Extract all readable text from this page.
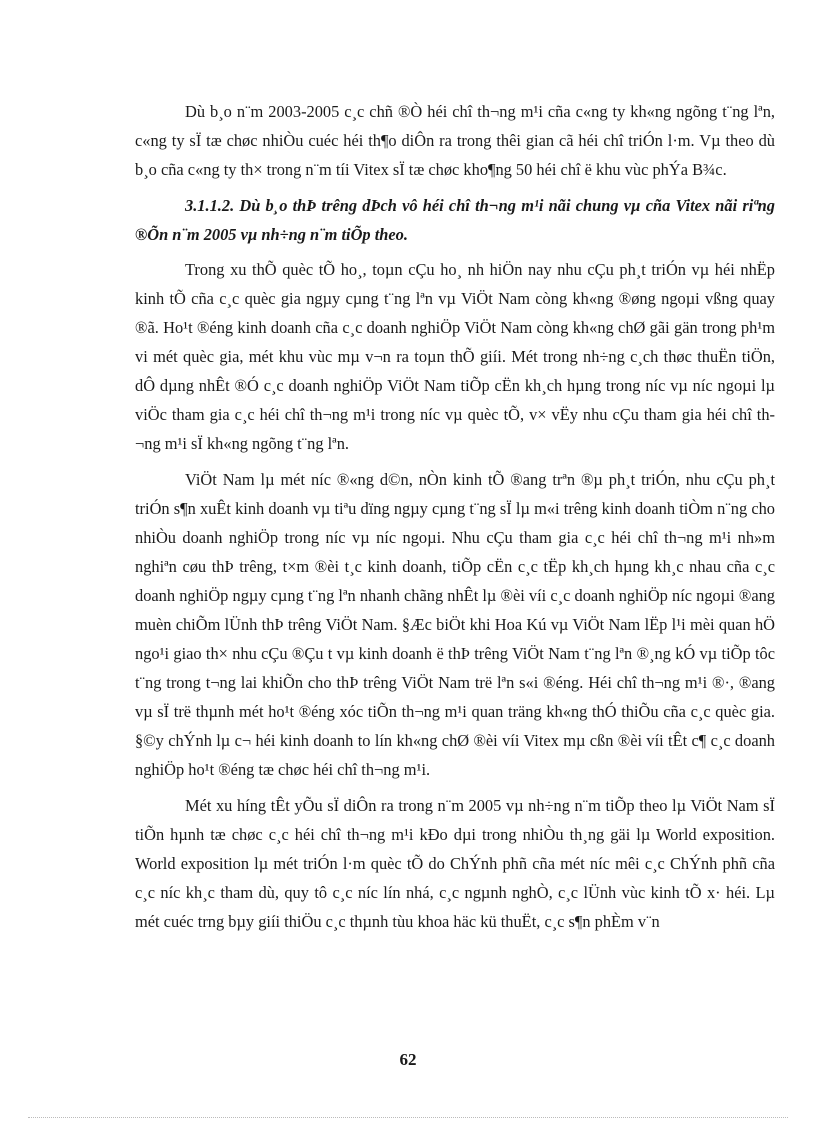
Dù b¸o n¨m 2003-2005 c¸c chñ ®Ò héi chî th¬ng m¹i cña c«ng ty kh«ng ngõng t¨ng lªn, c«ng ty sÏ tæ chøc nhiÒu cuéc héi th¶o diÔn ra trong thêi gian cã héi chî triÓn l·m. Vµ theo dù b¸o cña c«ng ty th× trong n¨m tíi Vitex sÏ tæ chøc kho¶ng 50 héi chî ë khu vùc phÝa B¾c.

3.1.1.2. Dù b¸o thÞ trêng dÞch vô héi chî th¬ng m¹i nãi chung vµ cña Vitex nãi riªng ®Õn n¨m 2005 vµ nh÷ng n¨m tiÕp theo.

Trong xu thÕ quèc tÕ ho¸, toµn cÇu ho¸ nh hiÖn nay nhu cÇu ph¸t triÓn vµ héi nhËp kinh tÕ cña c¸c quèc gia ngµy cµng t¨ng lªn vµ ViÖt Nam còng kh«ng ®øng ngoµi vßng quay ®ã. Ho¹t ®éng kinh doanh cña c¸c doanh nghiÖp ViÖt Nam còng kh«ng chØ gãi gän trong ph¹m vi mét quèc gia, mét khu vùc mµ v¬n ra toµn thÕ giíi. Mét trong nh÷ng c¸ch thøc thuËn tiÖn, dÔ dµng nhÊt ®Ó c¸c doanh nghiÖp ViÖt Nam tiÕp cËn kh¸ch hµng trong níc vµ níc ngoµi lµ viÖc tham gia c¸c héi chî th¬ng m¹i trong níc vµ quèc tÕ, v× vËy nhu cÇu tham gia héi chî th¬ng m¹i sÏ kh«ng ngõng t¨ng lªn.

ViÖt Nam lµ mét níc ®«ng d©n, nÒn kinh tÕ ®ang trªn ®µ ph¸t triÓn, nhu cÇu ph¸t triÓn s¶n xuÊt kinh doanh vµ tiªu dïng ngµy cµng t¨ng sÏ lµ m«i trêng kinh doanh tiÒm n¨ng cho nhiÒu doanh nghiÖp trong níc vµ níc ngoµi. Nhu cÇu tham gia c¸c héi chî th¬ng m¹i nh»m nghiªn cøu thÞ trêng, t×m ®èi t¸c kinh doanh, tiÕp cËn c¸c tËp kh¸ch hµng kh¸c nhau cña c¸c doanh nghiÖp ngµy cµng t¨ng lªn nhanh chãng nhÊt lµ ®èi víi c¸c doanh nghiÖp níc ngoµi ®ang muèn chiÕm lÜnh thÞ trêng ViÖt Nam. §Æc biÖt khi Hoa Kú vµ ViÖt Nam lËp l¹i mèi quan hÖ ngo¹i giao th× nhu cÇu ®Çu t vµ kinh doanh ë thÞ trêng ViÖt Nam t¨ng lªn ®¸ng kÓ vµ tiÕp tôc t¨ng trong t¬ng lai khiÕn cho thÞ trêng ViÖt Nam trë lªn s«i ®éng. Héi chî th¬ng m¹i ®·, ®ang vµ sÏ trë thµnh mét ho¹t ®éng xóc tiÕn th¬ng m¹i quan träng kh«ng thÓ thiÕu cña c¸c quèc gia. §©y chÝnh lµ c¬ héi kinh doanh to lín kh«ng chØ ®èi víi Vitex mµ cßn ®èi víi tÊt c¶ c¸c doanh nghiÖp ho¹t ®éng tæ chøc héi chî th¬ng m¹i.

Mét xu híng tÊt yÕu sÏ diÔn ra trong n¨m 2005 vµ nh÷ng n¨m tiÕp theo lµ ViÖt Nam sÏ tiÕn hµnh tæ chøc c¸c héi chî th¬ng m¹i kÐo dµi trong nhiÒu th¸ng gäi lµ World exposition. World exposition lµ mét triÓn l·m quèc tÕ do ChÝnh phñ cña mét níc mêi c¸c ChÝnh phñ cña c¸c níc kh¸c tham dù, quy tô c¸c níc lín nhá, c¸c ngµnh nghÒ, c¸c lÜnh vùc kinh tÕ x· héi. Lµ mét cuéc trng bµy giíi thiÖu c¸c thµnh tùu khoa häc kü thuËt, c¸c s¶n phÈm v¨n

62
